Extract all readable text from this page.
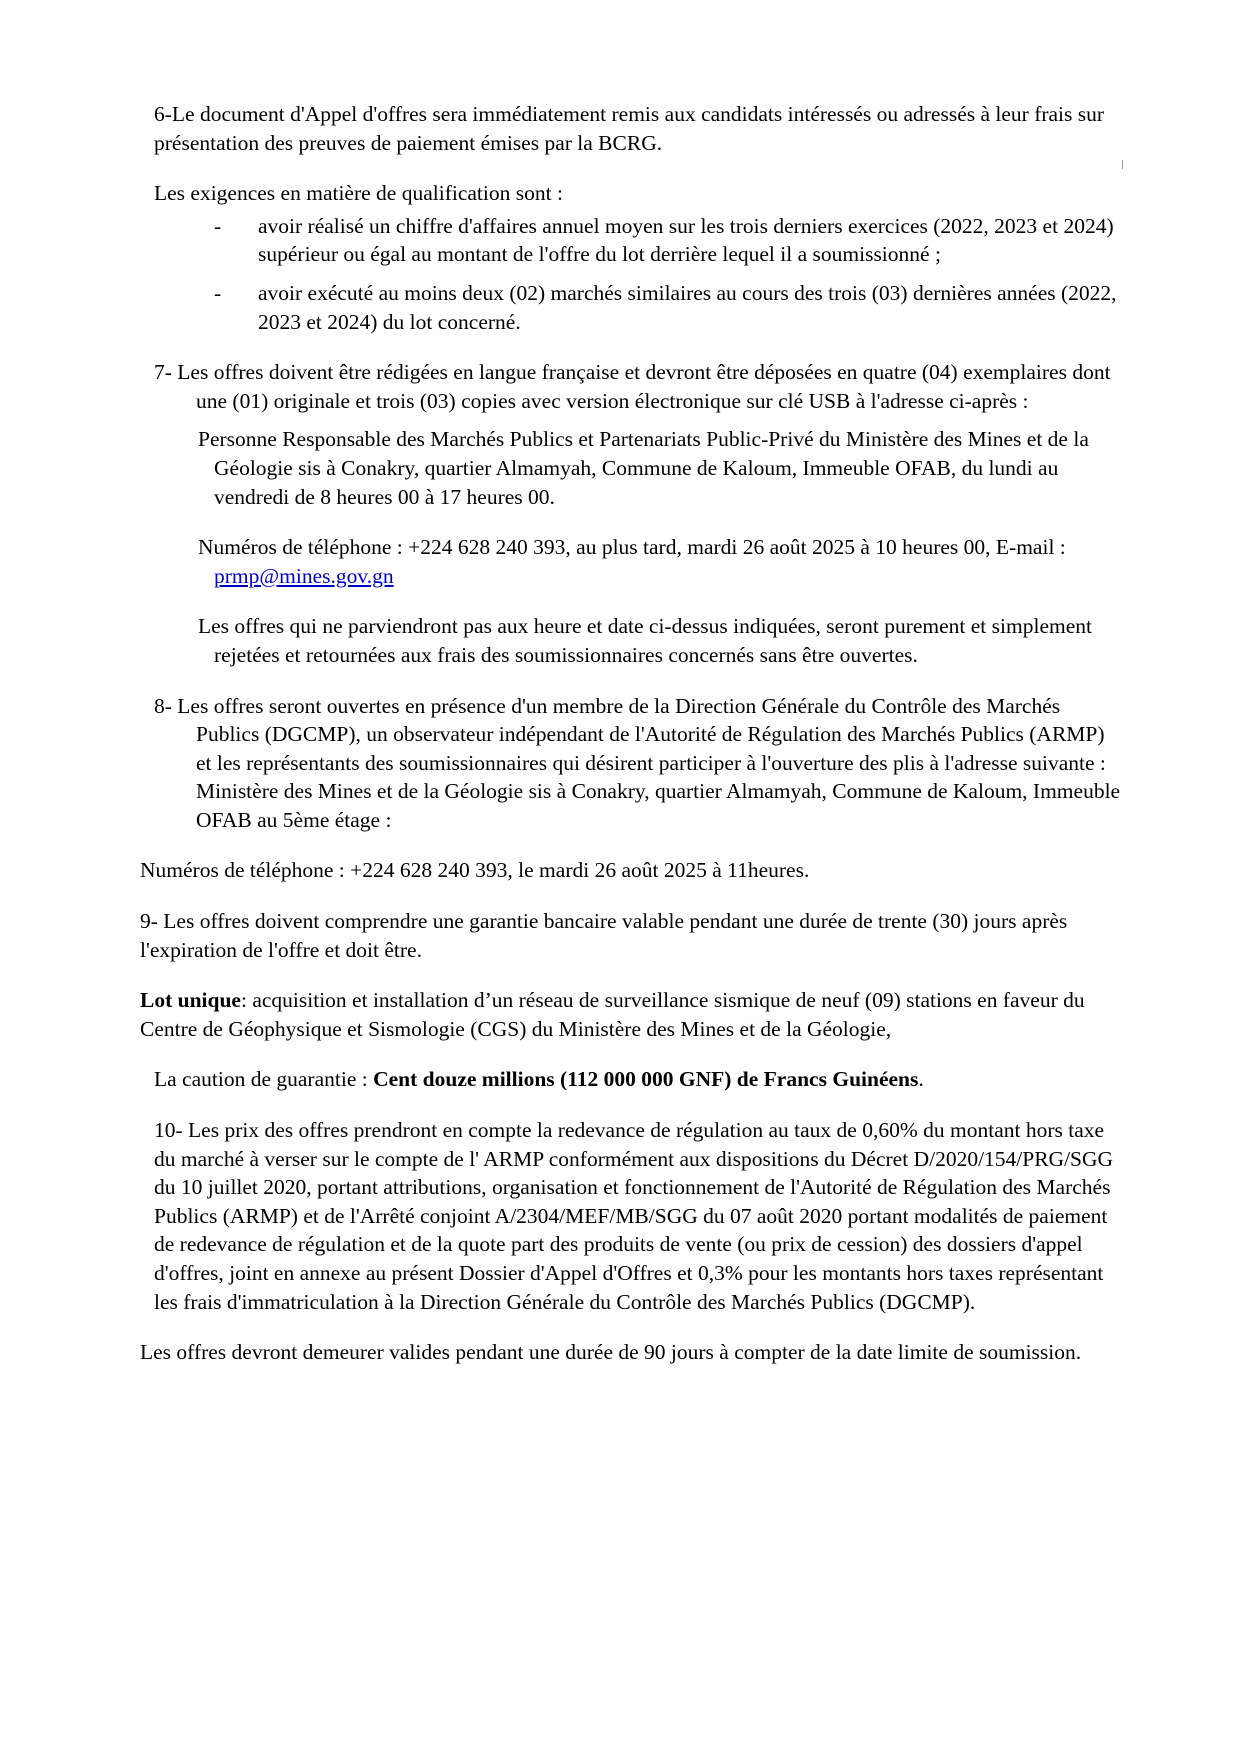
6-Le document d'Appel d'offres sera immédiatement remis aux candidats intéressés ou adressés à leur frais sur présentation des preuves de paiement émises par la BCRG.

Les exigences en matière de qualification sont :

-	avoir réalisé un chiffre d'affaires annuel moyen sur les trois derniers exercices (2022, 2023 et 2024) supérieur ou égal au montant de l'offre du lot derrière lequel il a soumissionné ;
-	avoir exécuté au moins deux (02) marchés similaires au cours des trois (03) dernières années (2022, 2023 et 2024) du lot concerné.

7- Les offres doivent être rédigées en langue française et devront être déposées en quatre (04) exemplaires dont une (01) originale et trois (03) copies avec version électronique sur clé USB à l'adresse ci-après :

Personne Responsable des Marchés Publics et Partenariats Public-Privé du Ministère des Mines et de la Géologie sis à Conakry, quartier Almamyah, Commune de Kaloum, Immeuble OFAB, du lundi au vendredi de 8 heures 00 à 17 heures 00.

Numéros de téléphone : +224 628 240 393, au plus tard, mardi 26 août 2025 à 10 heures 00, E-mail : prmp@mines.gov.gn

Les offres qui ne parviendront pas aux heure et date ci-dessus indiquées, seront purement et simplement rejetées et retournées aux frais des soumissionnaires concernés sans être ouvertes.

8- Les offres seront ouvertes en présence d'un membre de la Direction Générale du Contrôle des Marchés Publics (DGCMP), un observateur indépendant de l'Autorité de Régulation des Marchés Publics (ARMP) et les représentants des soumissionnaires qui désirent participer à l'ouverture des plis à l'adresse suivante : Ministère des Mines et de la Géologie sis à Conakry, quartier Almamyah, Commune de Kaloum, Immeuble OFAB au 5ème étage :

Numéros de téléphone : +224 628 240 393, le mardi 26 août 2025 à 11heures.

9- Les offres doivent comprendre une garantie bancaire valable pendant une durée de trente (30) jours après l'expiration de l'offre et doit être.

Lot unique: acquisition et installation d’un réseau de surveillance sismique de neuf (09) stations en faveur du Centre de Géophysique et Sismologie (CGS) du Ministère des Mines et de la Géologie,

La caution de guarantie : Cent douze millions (112 000 000 GNF) de Francs Guinéens.

10- Les prix des offres prendront en compte la redevance de régulation au taux de 0,60% du montant hors taxe du marché à verser sur le compte de l' ARMP conformément aux dispositions du Décret D/2020/154/PRG/SGG du 10 juillet 2020, portant attributions, organisation et fonctionnement de l'Autorité de Régulation des Marchés Publics (ARMP) et de l'Arrêté conjoint A/2304/MEF/MB/SGG du 07 août 2020 portant modalités de paiement de redevance de régulation et de la quote part des produits de vente (ou prix de cession) des dossiers d'appel d'offres, joint en annexe au présent Dossier d'Appel d'Offres et 0,3% pour les montants hors taxes représentant les frais d'immatriculation à la Direction Générale du Contrôle des Marchés Publics (DGCMP).

Les offres devront demeurer valides pendant une durée de 90 jours à compter de la date limite de soumission.
